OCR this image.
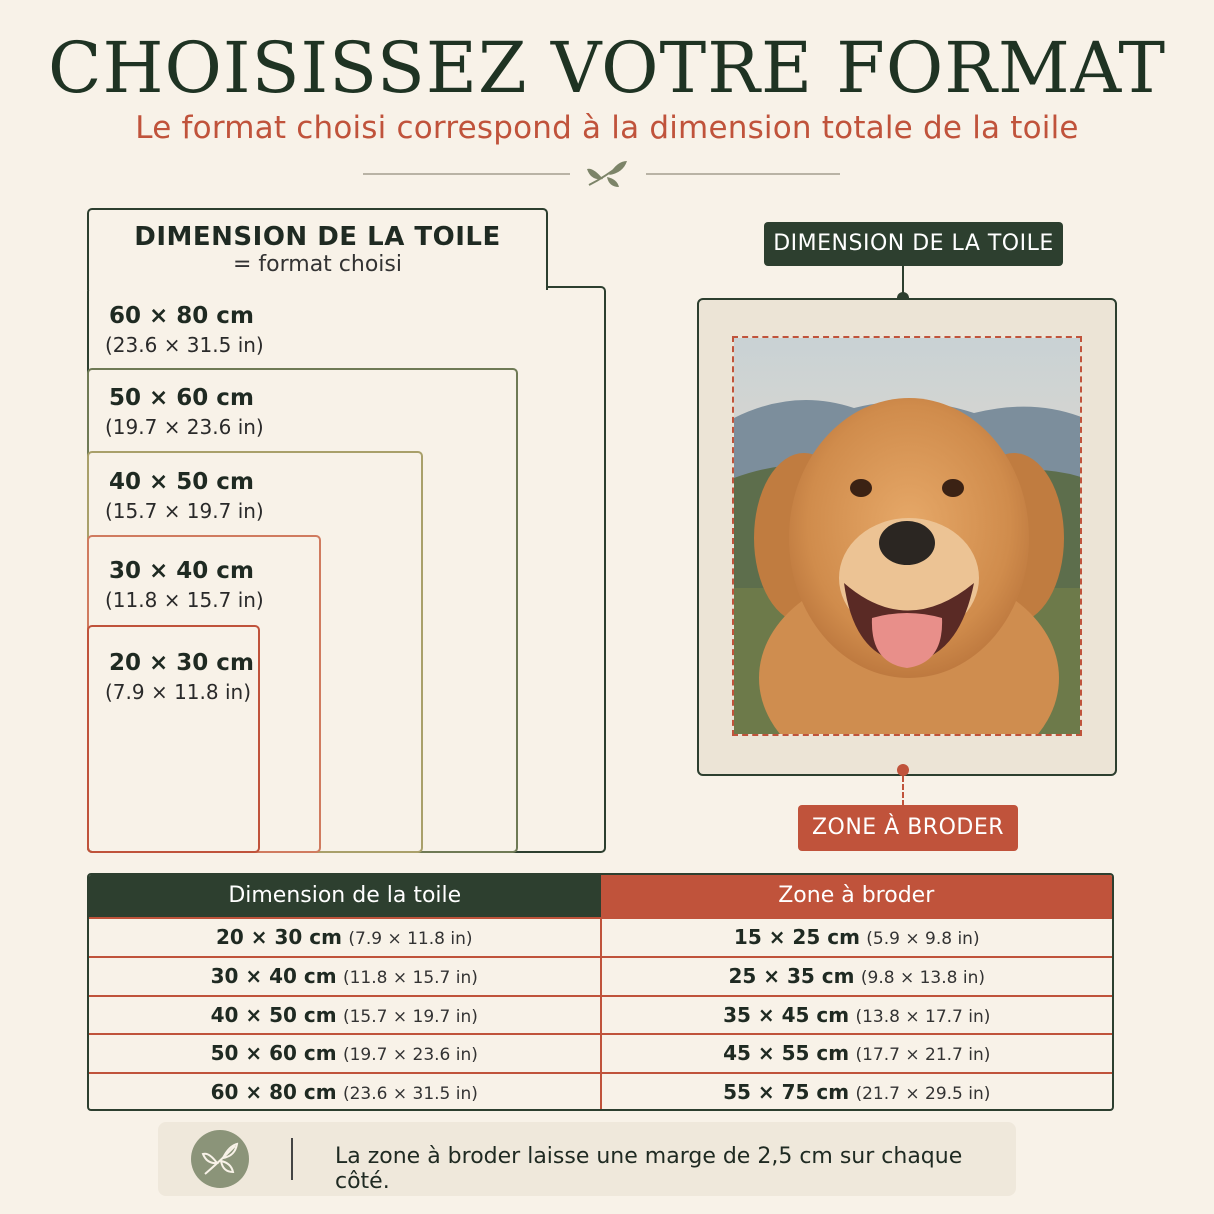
CHOISISSEZ VOTRE FORMAT
Le format choisi correspond à la dimension totale de la toile
DIMENSION DE LA TOILE
= format choisi
60 × 80 cm
(23.6 × 31.5 in)
50 × 60 cm
(19.7 × 23.6 in)
40 × 50 cm
(15.7 × 19.7 in)
30 × 40 cm
(11.8 × 15.7 in)
20 × 30 cm
(7.9 × 11.8 in)
DIMENSION DE LA TOILE
ZONE À BRODER
Dimension de la toile	Zone à broder
20 × 30 cm (7.9 × 11.8 in)	15 × 25 cm (5.9 × 9.8 in)
30 × 40 cm (11.8 × 15.7 in)	25 × 35 cm (9.8 × 13.8 in)
40 × 50 cm (15.7 × 19.7 in)	35 × 45 cm (13.8 × 17.7 in)
50 × 60 cm (19.7 × 23.6 in)	45 × 55 cm (17.7 × 21.7 in)
60 × 80 cm (23.6 × 31.5 in)	55 × 75 cm (21.7 × 29.5 in)
La zone à broder laisse une marge de 2,5 cm sur chaque côté.
